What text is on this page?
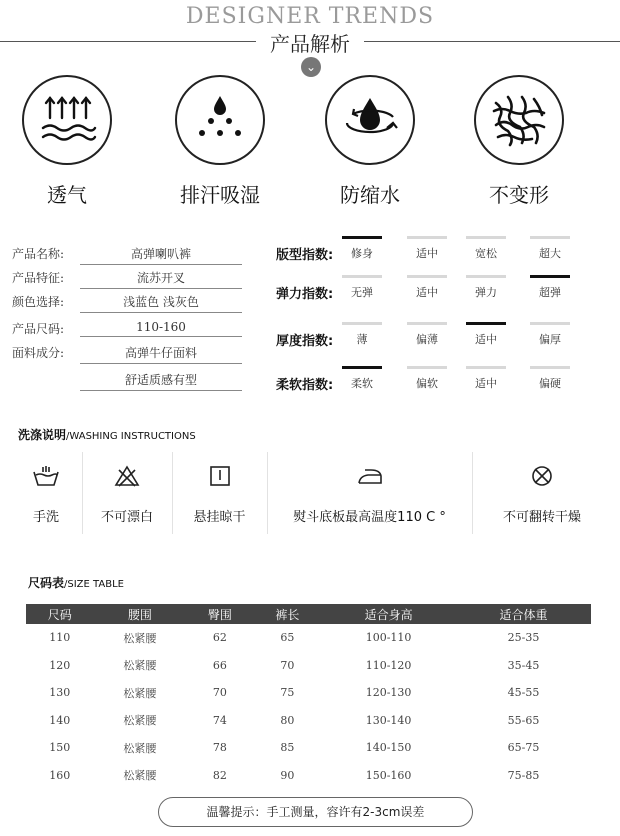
DESIGNER TRENDS
产品解析
⌄
透气	排汗吸湿	防缩水	不变形
产品名称:	高弹喇叭裤
产品特征:	流苏开叉
颜色选择:	浅蓝色 浅灰色
产品尺码:	110-160
面料成分:	高弹牛仔面料
舒适质感有型
版型指数:	修身	适中	宽松	超大
弹力指数:	无弹	适中	弹力	超弹
厚度指数:	薄	偏薄	适中	偏厚
柔软指数:	柔软	偏软	适中	偏硬
洗涤说明/WASHING INSTRUCTIONS
手洗	不可漂白	悬挂晾干	熨斗底板最高温度110 C °	不可翻转干燥
尺码表/SIZE TABLE
尺码	腰围	臀围	裤长	适合身高	适合体重
110	松紧腰	62	65	100-110	25-35
120	松紧腰	66	70	110-120	35-45
130	松紧腰	70	75	120-130	45-55
140	松紧腰	74	80	130-140	55-65
150	松紧腰	78	85	140-150	65-75
160	松紧腰	82	90	150-160	75-85
温馨提示：手工测量，容许有2-3cm误差
